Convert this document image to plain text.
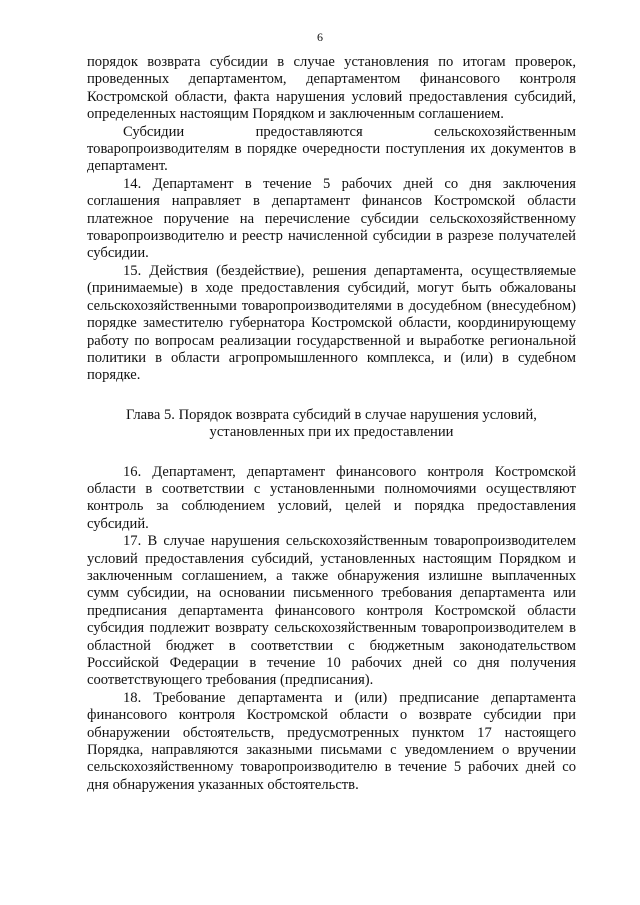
6

порядок возврата субсидии в случае установления по итогам проверок, проведенных департаментом, департаментом финансового контроля Костромской области, факта нарушения условий предоставления субсидий, определенных настоящим Порядком и заключенным соглашением.

Субсидии предоставляются сельскохозяйственным товаропроизводителям в порядке очередности поступления их документов в департамент.

14. Департамент в течение 5 рабочих дней со дня заключения соглашения направляет в департамент финансов Костромской области платежное поручение на перечисление субсидии сельскохозяйственному товаропроизводителю и реестр начисленной субсидии в разрезе получателей субсидии.

15. Действия (бездействие), решения департамента, осуществляемые (принимаемые) в ходе предоставления субсидий, могут быть обжалованы сельскохозяйственными товаропроизводителями в досудебном (внесудебном) порядке заместителю губернатора Костромской области, координирующему работу по вопросам реализации государственной и выработке региональной политики в области агропромышленного комплекса, и (или) в судебном порядке.

Глава 5. Порядок возврата субсидий в случае нарушения условий,
установленных при их предоставлении

16. Департамент, департамент финансового контроля Костромской области в соответствии с установленными полномочиями осуществляют контроль за соблюдением условий, целей и порядка предоставления субсидий.

17. В случае нарушения сельскохозяйственным товаропроизводителем условий предоставления субсидий, установленных настоящим Порядком и заключенным соглашением, а также обнаружения излишне выплаченных сумм субсидии, на основании письменного требования департамента или предписания департамента финансового контроля Костромской области субсидия подлежит возврату сельскохозяйственным товаропроизводителем в областной бюджет в соответствии с бюджетным законодательством Российской Федерации в течение 10 рабочих дней со дня получения соответствующего требования (предписания).

18. Требование департамента и (или) предписание департамента финансового контроля Костромской области о возврате субсидии при обнаружении обстоятельств, предусмотренных пунктом 17 настоящего Порядка, направляются заказными письмами с уведомлением о вручении сельскохозяйственному товаропроизводителю в течение 5 рабочих дней со дня обнаружения указанных обстоятельств.
